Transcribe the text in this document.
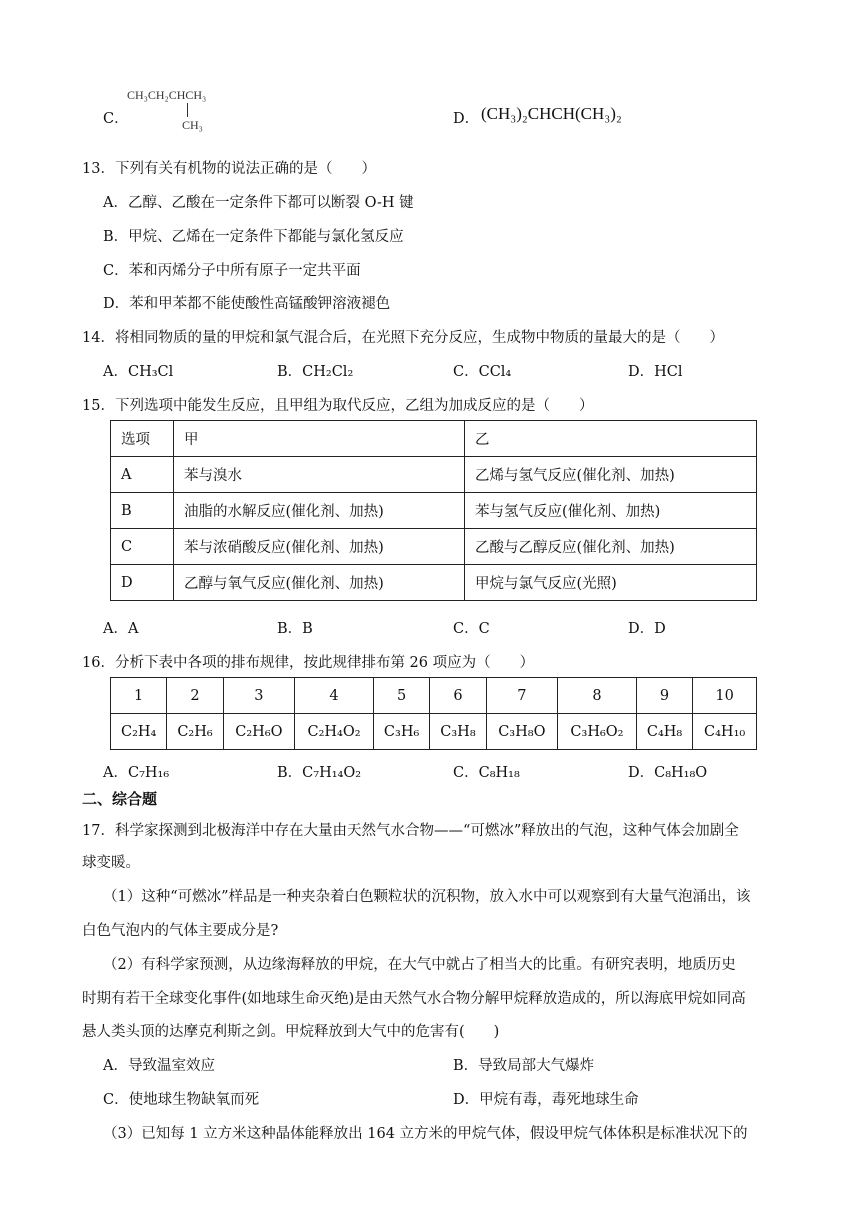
C．
CH₃CH₂CHCH₃
CH₃	D． (CH₃)₂CHCH(CH₃)₂
13．下列有关有机物的说法正确的是（　　）
A．乙醇、乙酸在一定条件下都可以断裂 O-H 键
B．甲烷、乙烯在一定条件下都能与氯化氢反应
C．苯和丙烯分子中所有原子一定共平面
D．苯和甲苯都不能使酸性高锰酸钾溶液褪色
14．将相同物质的量的甲烷和氯气混合后，在光照下充分反应，生成物中物质的量最大的是（　　）
A．CH₃Cl	B．CH₂Cl₂	C．CCl₄	D．HCl
15．下列选项中能发生反应，且甲组为取代反应，乙组为加成反应的是（　　）
选项	甲	乙
A	苯与溴水	乙烯与氢气反应(催化剂、加热)
B	油脂的水解反应(催化剂、加热)	苯与氢气反应(催化剂、加热)
C	苯与浓硝酸反应(催化剂、加热)	乙酸与乙醇反应(催化剂、加热)
D	乙醇与氧气反应(催化剂、加热)	甲烷与氯气反应(光照)
A．A	B．B	C．C	D．D
16．分析下表中各项的排布规律，按此规律排布第 26 项应为（　　）
1	2	3	4	5	6	7	8	9	10
C₂H₄	C₂H₆	C₂H₆O	C₂H₄O₂	C₃H₆	C₃H₈	C₃H₈O	C₃H₆O₂	C₄H₈	C₄H₁₀
A．C₇H₁₆	B．C₇H₁₄O₂	C．C₈H₁₈	D．C₈H₁₈O
二、综合题
17．科学家探测到北极海洋中存在大量由天然气水合物——“可燃冰”释放出的气泡，这种气体会加剧全
球变暖。
（1）这种“可燃冰”样品是一种夹杂着白色颗粒状的沉积物，放入水中可以观察到有大量气泡涌出，该
白色气泡内的气体主要成分是?
（2）有科学家预测，从边缘海释放的甲烷，在大气中就占了相当大的比重。有研究表明，地质历史
时期有若干全球变化事件(如地球生命灭绝)是由天然气水合物分解甲烷释放造成的，所以海底甲烷如同高
悬人类头顶的达摩克利斯之剑。甲烷释放到大气中的危害有(　　)
A．导致温室效应	B．导致局部大气爆炸
C．使地球生物缺氧而死	D．甲烷有毒，毒死地球生命
（3）已知每 1 立方米这种晶体能释放出 164 立方米的甲烷气体，假设甲烷气体体积是标准状况下的
